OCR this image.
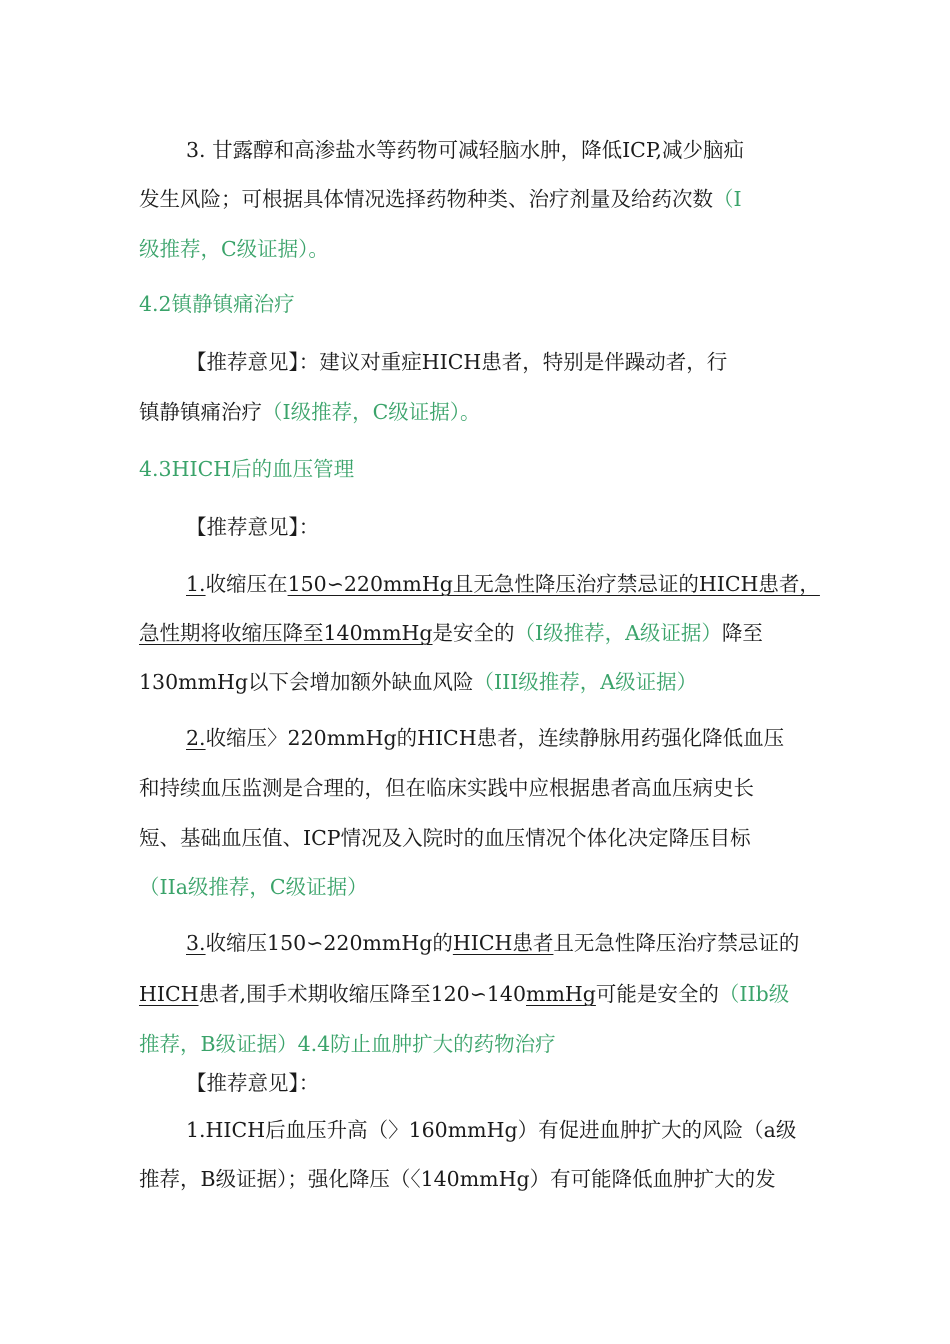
3. 甘露醇和高渗盐水等药物可减轻脑水肿，降低ICP,减少脑疝
发生风险；可根据具体情况选择药物种类、治疗剂量及给药次数（I
级推荐，C级证据）。
4.2镇静镇痛治疗
【推荐意见】：建议对重症HICH患者，特别是伴躁动者，行
镇静镇痛治疗（I级推荐，C级证据）。
4.3HICH后的血压管理
【推荐意见】：
1.收缩压在150∽220mmHg且无急性降压治疗禁忌证的HICH患者，
急性期将收缩压降至140mmHg是安全的（I级推荐，A级证据）降至
130mmHg以下会增加额外缺血风险（III级推荐，A级证据）
2.收缩压〉220mmHg的HICH患者，连续静脉用药强化降低血压
和持续血压监测是合理的，但在临床实践中应根据患者高血压病史长
短、基础血压值、ICP情况及入院时的血压情况个体化决定降压目标
（IIa级推荐，C级证据）
3.收缩压150∽220mmHg的HICH患者且无急性降压治疗禁忌证的
HICH患者,围手术期收缩压降至120∽140mmHg可能是安全的（IIb级
推荐，B级证据）4.4防止血肿扩大的药物治疗
【推荐意见】：
1.HICH后血压升高（〉160mmHg）有促进血肿扩大的风险（a级
推荐，B级证据）；强化降压（〈140mmHg）有可能降低血肿扩大的发
